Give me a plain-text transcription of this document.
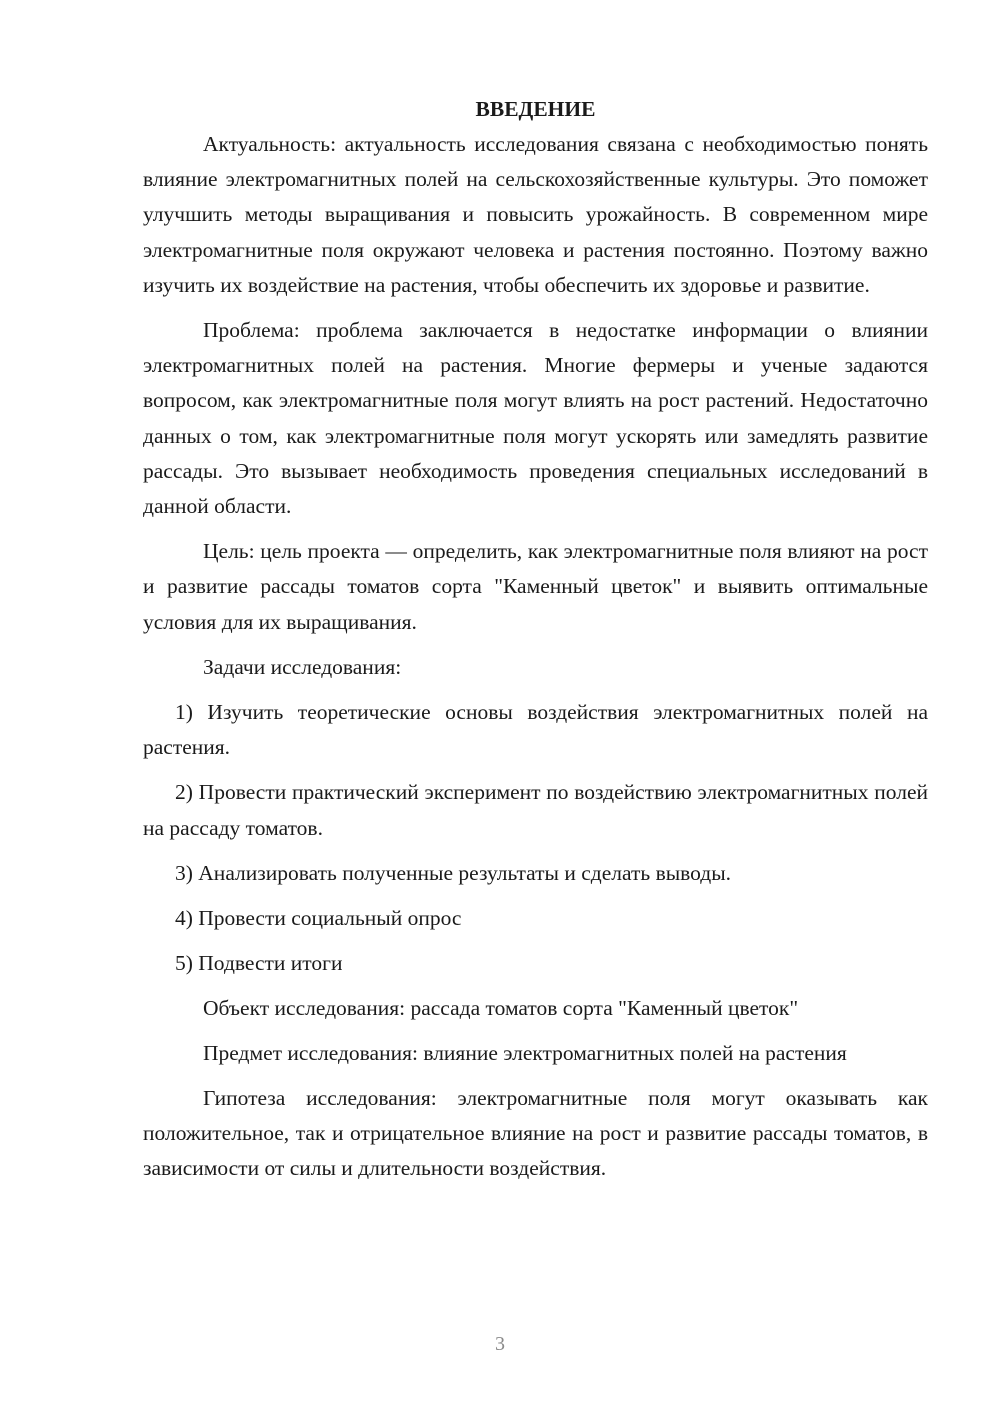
ВВЕДЕНИЕ

Актуальность: актуальность исследования связана с необходимостью понять влияние электромагнитных полей на сельскохозяйственные культуры. Это поможет улучшить методы выращивания и повысить урожайность. В современном мире электромагнитные поля окружают человека и растения постоянно. Поэтому важно изучить их воздействие на растения, чтобы обеспечить их здоровье и развитие.

Проблема: проблема заключается в недостатке информации о влиянии электромагнитных полей на растения. Многие фермеры и ученые задаются вопросом, как электромагнитные поля могут влиять на рост растений. Недостаточно данных о том, как электромагнитные поля могут ускорять или замедлять развитие рассады. Это вызывает необходимость проведения специальных исследований в данной области.

Цель: цель проекта — определить, как электромагнитные поля влияют на рост и развитие рассады томатов сорта "Каменный цветок" и выявить оптимальные условия для их выращивания.

Задачи исследования:

1) Изучить теоретические основы воздействия электромагнитных полей на растения.

2) Провести практический эксперимент по воздействию электромагнитных полей на рассаду томатов.

3) Анализировать полученные результаты и сделать выводы.

4) Провести социальный опрос

5) Подвести итоги

Объект исследования: рассада томатов сорта "Каменный цветок"

Предмет исследования: влияние электромагнитных полей на растения

Гипотеза исследования: электромагнитные поля могут оказывать как положительное, так и отрицательное влияние на рост и развитие рассады томатов, в зависимости от силы и длительности воздействия.

3
